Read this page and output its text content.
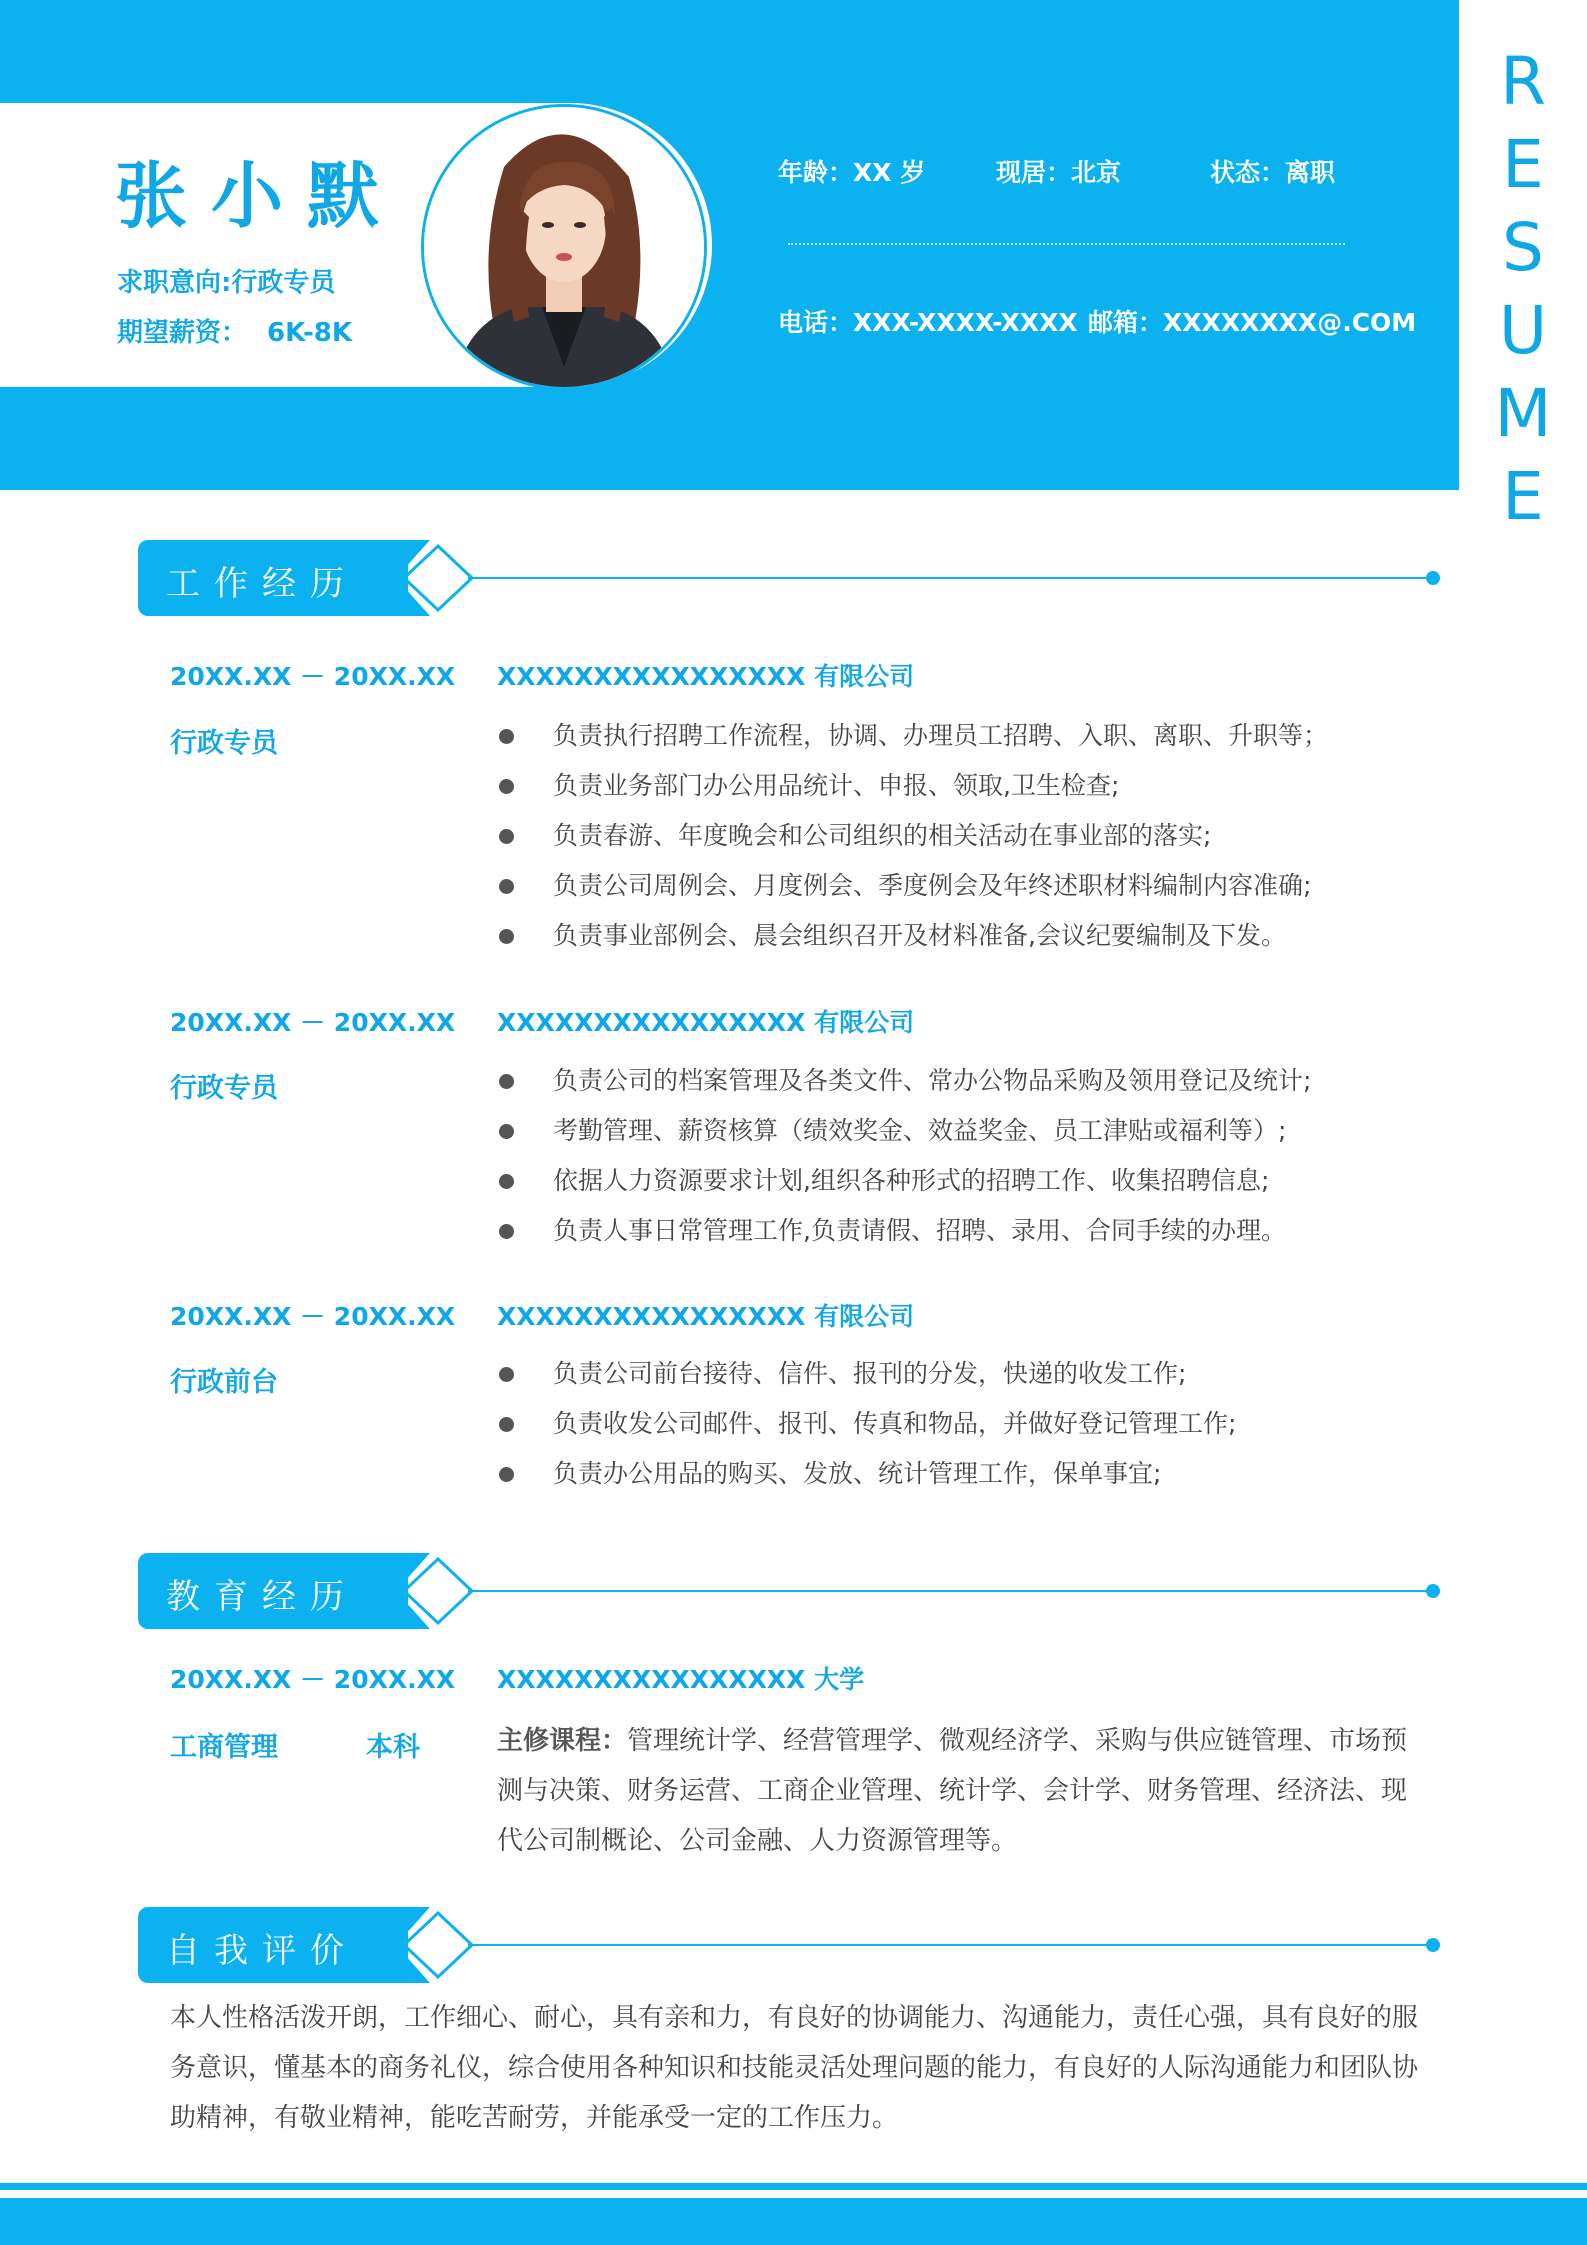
张小默
求职意向:行政专员
期望薪资： 6K-8K
年龄：XX 岁	现居：北京	状态：离职
电话：XXX-XXXX-XXXX 邮箱：XXXXXXXX@.COM
RESUME
工作经历
20XX.XX － 20XX.XX XXXXXXXXXXXXXXXX 有限公司
行政专员	负责执行招聘工作流程，协调、办理员工招聘、入职、离职、升职等；
负责业务部门办公用品统计、申报、领取,卫生检查;
负责春游、年度晚会和公司组织的相关活动在事业部的落实;
负责公司周例会、月度例会、季度例会及年终述职材料编制内容准确;
负责事业部例会、晨会组织召开及材料准备,会议纪要编制及下发。
20XX.XX － 20XX.XX XXXXXXXXXXXXXXXX 有限公司
行政专员	负责公司的档案管理及各类文件、常办公物品采购及领用登记及统计;
考勤管理、薪资核算（绩效奖金、效益奖金、员工津贴或福利等）;
依据人力资源要求计划,组织各种形式的招聘工作、收集招聘信息;
负责人事日常管理工作,负责请假、招聘、录用、合同手续的办理。
20XX.XX － 20XX.XX XXXXXXXXXXXXXXXX 有限公司
行政前台	负责公司前台接待、信件、报刊的分发，快递的收发工作;
负责收发公司邮件、报刊、传真和物品，并做好登记管理工作;
负责办公用品的购买、发放、统计管理工作，保单事宜;
教育经历
20XX.XX － 20XX.XX XXXXXXXXXXXXXXXX 大学
工商管理	本科	主修课程：管理统计学、经营管理学、微观经济学、采购与供应链管理、市场预测与决策、财务运营、工商企业管理、统计学、会计学、财务管理、经济法、现代公司制概论、公司金融、人力资源管理等。
自我评价
本人性格活泼开朗，工作细心、耐心，具有亲和力，有良好的协调能力、沟通能力，责任心强，具有良好的服务意识，懂基本的商务礼仪，综合使用各种知识和技能灵活处理问题的能力，有良好的人际沟通能力和团队协助精神，有敬业精神，能吃苦耐劳，并能承受一定的工作压力。
